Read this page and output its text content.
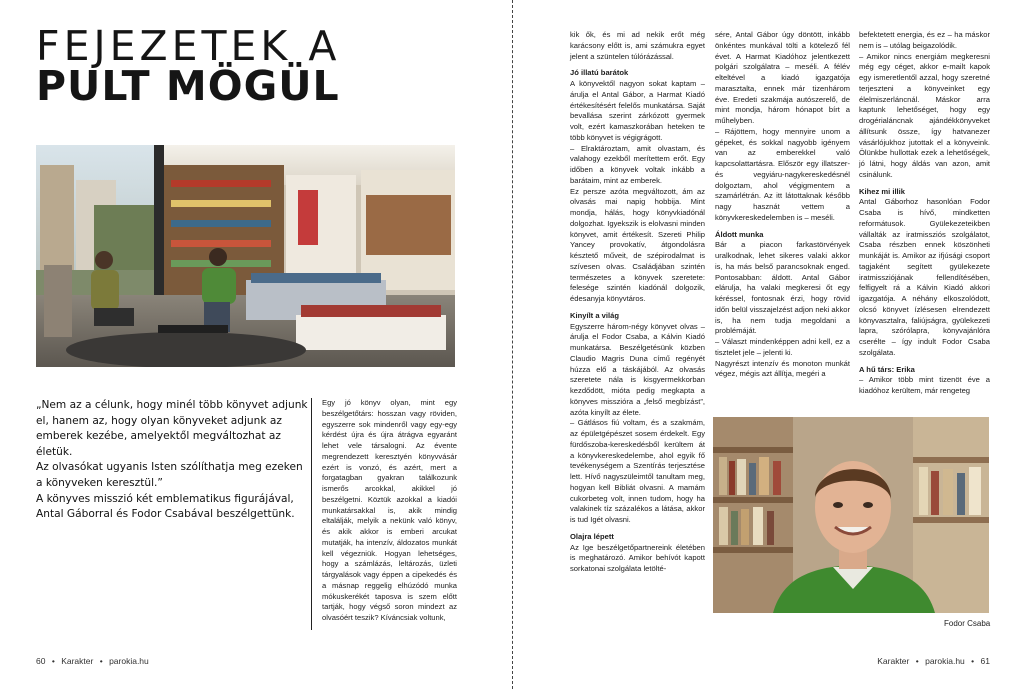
FEJEZETEK A
PULT MÖGÜL

„Nem az a célunk, hogy minél több könyvet adjunk el, hanem az, hogy olyan könyveket adjunk az emberek kezébe, amelyektől megváltozhat az életük.

Az olvasókat ugyanis Isten szólíthatja meg ezeken a könyveken keresztül.”

A könyves misszió két emblematikus figurájával, Antal Gáborral és Fodor Csabával beszélgettünk.

Egy jó könyv olyan, mint egy beszélgetőtárs: hosszan vagy röviden, egyszerre sok mindenről vagy egy-egy kérdést újra és újra átrágva egyaránt lehet vele társalogni. Az évente megrendezett keresztyén könyvvásár ezért is vonzó, és azért, mert a forgatagban gyakran találkozunk ismerős arcokkal, akikkel jó beszélgetni. Köztük azokkal a kiadói munkatársakkal is, akik mindig eltalálják, melyik a nekünk való könyv, és akik akkor is emberi arcukat mutatják, ha intenzív, áldozatos munkát kell végezniük. Hogyan lehetséges, hogy a számlázás, leltározás, üzleti tárgyalások vagy éppen a cipekedés és a másnap reggelig elhúzódó munka mókuskerékét taposva is szem előtt tartják, hogy végső soron mindezt az olvasóért teszik? Kíváncsiak voltunk,

60 • Karakter • parokia.hu

kik ők, és mi ad nekik erőt még karácsony előtt is, ami számukra egyet jelent a szüntelen túlórázással.

Jó illatú barátok

A könyvektől nagyon sokat kaptam – árulja el Antal Gábor, a Harmat Kiadó értékesítésért felelős munkatársa. Saját bevallása szerint zárkózott gyermek volt, ezért kamaszkorában heteken te több könyvet is végigrágott.

– Elraktároztam, amit olvastam, és valahogy ezekből merítettem erőt. Egy időben a könyvek voltak inkább a barátaim, mint az emberek.

Ez persze azóta megváltozott, ám az olvasás mai napig hobbija. Mint mondja, hálás, hogy könyvkiadónál dolgozhat. Igyekszik is elolvasni minden könyvet, amit értékesít. Szereti Philip Yancey provokatív, átgondolásra késztető műveit, de szépirodalmat is szívesen olvas. Családjában szintén természetes a könyvek szeretete: felesége szintén kiadónál dolgozik, édesanyja könyvtáros.

Kinyílt a világ

Egyszerre három-négy könyvet olvas – árulja el Fodor Csaba, a Kálvin Kiadó munkatársa. Beszélgetésünk közben Claudio Magris Duna című regényét húzza elő a táskájából. Az olvasás szeretete nála is kisgyermekkorban kezdődött, mióta pedig megkapta a könyves misszióra a „felső megbízást”, azóta kinyílt az élete.

– Gátlásos fiú voltam, és a szakmám, az épületgépészet sosem érdekelt. Egy fürdőszoba-kereskedésből kerültem át a könyvkereskedelembe, ahol egyik fő tevékenységem a Szentírás terjesztése lett. Hívő nagyszüleimtől tanultam meg, hogyan kell Bibliát olvasni. A mamám cukorbeteg volt, innen tudom, hogy ha valakinek tíz százalékos a látása, akkor is tud Igét olvasni.

Olajra lépett

Az Ige beszélgetőpartnereink életében is meghatározó. Amikor behívót kapott sorkatonai szolgálata letölté-

sére, Antal Gábor úgy döntött, inkább önkéntes munkával tölti a kötelező fél évet. A Harmat Kiadóhoz jelentkezett polgári szolgálatra – meséli. A félév elteltével a kiadó igazgatója marasztalta, ennek már tizenhárom éve. Eredeti szakmája autószerelő, de mint mondja, három hónapot bírt a műhelyben.

– Rájöttem, hogy mennyire unom a gépeket, és sokkal nagyobb igényem van az emberekkel való kapcsolattartásra. Először egy illatszer- és vegyiáru-nagykereskedésnél dolgoztam, ahol végigmentem a szamárlétrán. Az itt látottaknak később nagy hasznát vettem a könyvkereskedelemben is – meséli.

Áldott munka

Bár a piacon farkastörvények uralkodnak, lehet sikeres valaki akkor is, ha más belső parancsoknak enged. Pontosabban: áldott. Antal Gábor elárulja, ha valaki megkeresi őt egy kéréssel, fontosnak érzi, hogy rövid időn belül visszajelzést adjon neki akkor is, ha nem tudja megoldani a problémáját.

– Választ mindenképpen adni kell, ez a tisztelet jele – jelenti ki.

Nagyrészt intenzív és monoton munkát végez, mégis azt állítja, megéri a

befektetett energia, és ez – ha máskor nem is – utólag beigazolódik.

– Amikor nincs energiám megkeresni még egy céget, akkor e-mailt kapok egy ismeretlentől azzal, hogy szeretné terjeszteni a könyveinket egy élelmiszerláncnál. Máskor arra kaptunk lehetőséget, hogy egy drogérialáncnak ajándékkönyveket állítsunk össze, így hatvanezer vásárlójukhoz jutottak el a könyveink. Ölünkbe hullottak ezek a lehetőségek, jó látni, hogy áldás van azon, amit csinálunk.

Kihez mi illik

Antal Gáborhoz hasonlóan Fodor Csaba is hívő, mindketten reformátusok. Gyülekezeteikben vállalták az iratmissziós szolgálatot, Csaba részben ennek köszönheti munkáját is. Amikor az ifjúsági csoport tagjaként segített gyülekezete iratmissziójának fellendítésében, felfigyelt rá a Kálvin Kiadó akkori igazgatója. A néhány elkoszolódott, olcsó könyvet ízlésesen elrendezett könyvasztalra, faliújságra, gyülekezeti lapra, szórólapra, könyvajánlóra cserélte – így indult Fodor Csaba szolgálata.

A hű társ: Erika

– Amikor több mint tizenöt éve a kiadóhoz kerültem, már rengeteg

Fodor Csaba
Karakter • parokia.hu • 61
